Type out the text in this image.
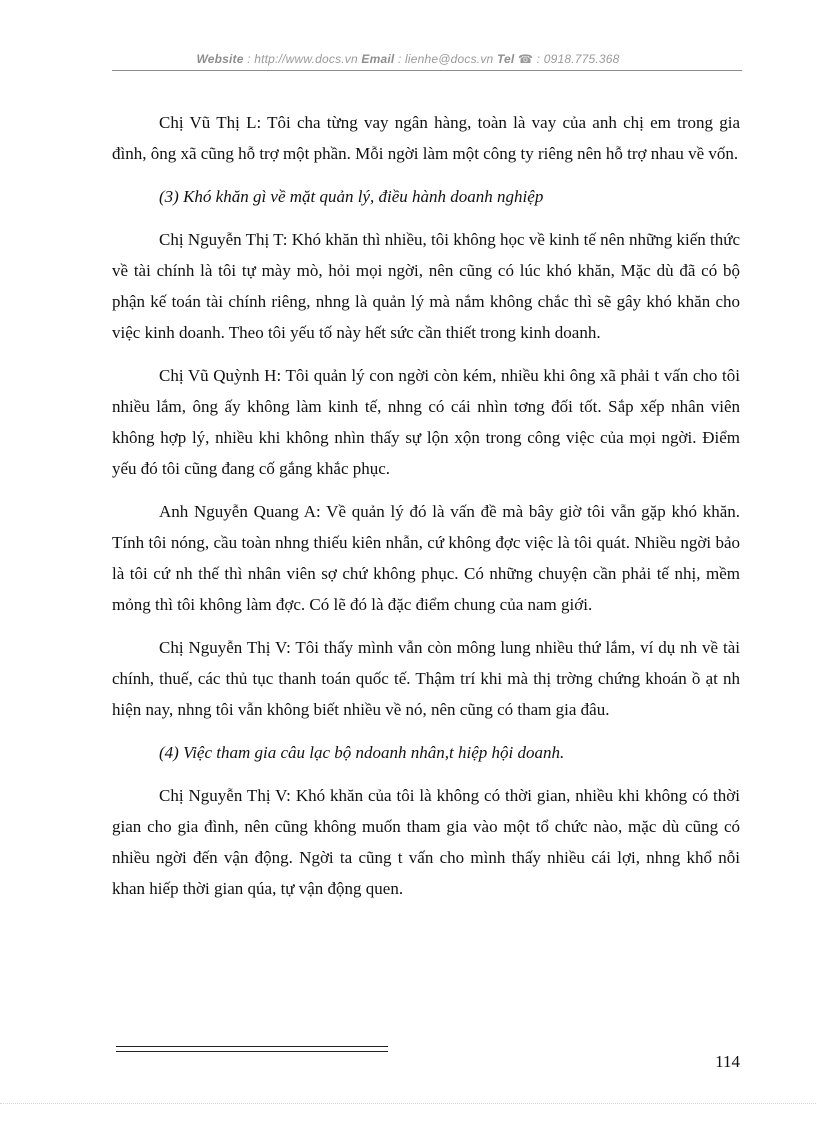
Website : http://www.docs.vn Email : lienhe@docs.vn Tel ☎ : 0918.775.368

Chị Vũ Thị L: Tôi cha từng vay ngân hàng, toàn là vay của anh chị em trong gia đình, ông xã cũng hỗ trợ một phần. Mỗi ngời làm một công ty riêng nên hỗ trợ nhau về vốn.

(3) Khó khăn gì về mặt quản lý, điều hành doanh nghiệp

Chị Nguyễn Thị T: Khó khăn thì nhiều, tôi không học về kinh tế nên những kiến thức về tài chính là tôi tự mày mò, hỏi mọi ngời, nên cũng có lúc khó khăn, Mặc dù đã có bộ phận kế toán tài chính riêng, nhng là quản lý mà nắm không chắc thì sẽ gây khó khăn cho việc kinh doanh. Theo tôi yếu tố này hết sức cần thiết trong kinh doanh.

Chị Vũ Quỳnh H: Tôi quản lý con ngời còn kém, nhiều khi ông xã phải t vấn cho tôi nhiều lắm, ông ấy không làm kinh tế, nhng có cái nhìn tơng đối tốt. Sắp xếp nhân viên không hợp lý, nhiều khi không nhìn thấy sự lộn xộn trong công việc của mọi ngời. Điểm yếu đó tôi cũng đang cố gắng khắc phục.

Anh Nguyễn Quang A: Về quản lý đó là vấn đề mà bây giờ tôi vẫn gặp khó khăn. Tính tôi nóng, cầu toàn nhng thiếu kiên nhẫn, cứ không đợc việc là tôi quát. Nhiều ngời bảo là tôi cứ nh thế thì nhân viên sợ chứ không phục. Có những chuyện cần phải tế nhị, mềm mỏng thì tôi không làm đợc. Có lẽ đó là đặc điểm chung của nam giới.

Chị Nguyễn Thị V: Tôi thấy mình vẫn còn mông lung nhiều thứ lắm, ví dụ nh về tài chính, thuế, các thủ tục thanh toán quốc tế. Thậm trí khi mà thị trờng chứng khoán ồ ạt nh hiện nay, nhng tôi vẫn không biết nhiều về nó, nên cũng có tham gia đâu.

(4) Việc tham gia câu lạc bộ ndoanh nhân,t hiệp hội doanh.

Chị Nguyễn Thị V: Khó khăn của tôi là không có thời gian, nhiều khi không có thời gian cho gia đình, nên cũng không muốn tham gia vào một tổ chức nào, mặc dù cũng có nhiều ngời đến vận động. Ngời ta cũng t vấn cho mình thấy nhiều cái lợi, nhng khổ nỗi khan hiếp thời gian qúa, tự vận động quen.

114
